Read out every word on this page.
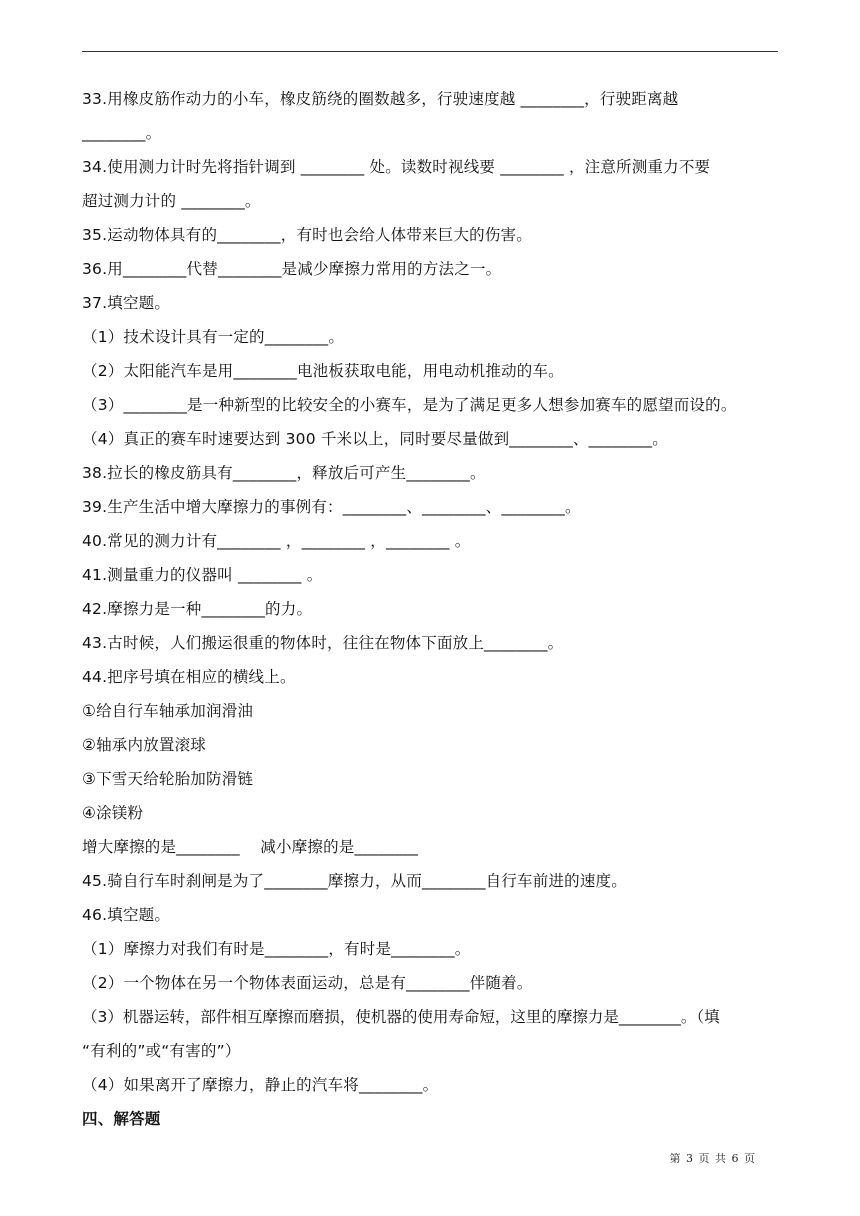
33.用橡皮筋作动力的小车，橡皮筋绕的圈数越多，行驶速度越 ________，行驶距离越
________。
34.使用测力计时先将指针调到 ________ 处。读数时视线要 ________ ，注意所测重力不要
超过测力计的 ________。
35.运动物体具有的________，有时也会给人体带来巨大的伤害。
36.用________代替________是减少摩擦力常用的方法之一。
37.填空题。
（1）技术设计具有一定的________。
（2）太阳能汽车是用________电池板获取电能，用电动机推动的车。
（3）________是一种新型的比较安全的小赛车，是为了满足更多人想参加赛车的愿望而设的。
（4）真正的赛车时速要达到 300 千米以上，同时要尽量做到________、________。
38.拉长的橡皮筋具有________，释放后可产生________。
39.生产生活中增大摩擦力的事例有：________、________、________。
40.常见的测力计有________ ，________ ，________ 。
41.测量重力的仪器叫 ________ 。
42.摩擦力是一种________的力。
43.古时候，人们搬运很重的物体时，往往在物体下面放上________。
44.把序号填在相应的横线上。
①给自行车轴承加润滑油
②轴承内放置滚球
③下雪天给轮胎加防滑链
④涂镁粉
增大摩擦的是________    减小摩擦的是________
45.骑自行车时刹闸是为了________摩擦力，从而________自行车前进的速度。
46.填空题。
（1）摩擦力对我们有时是________，有时是________。
（2）一个物体在另一个物体表面运动，总是有________伴随着。
（3）机器运转，部件相互摩擦而磨损，使机器的使用寿命短，这里的摩擦力是________。（填
“有利的”或“有害的”）
（4）如果离开了摩擦力，静止的汽车将________。
四、解答题
第 3 页 共 6 页
